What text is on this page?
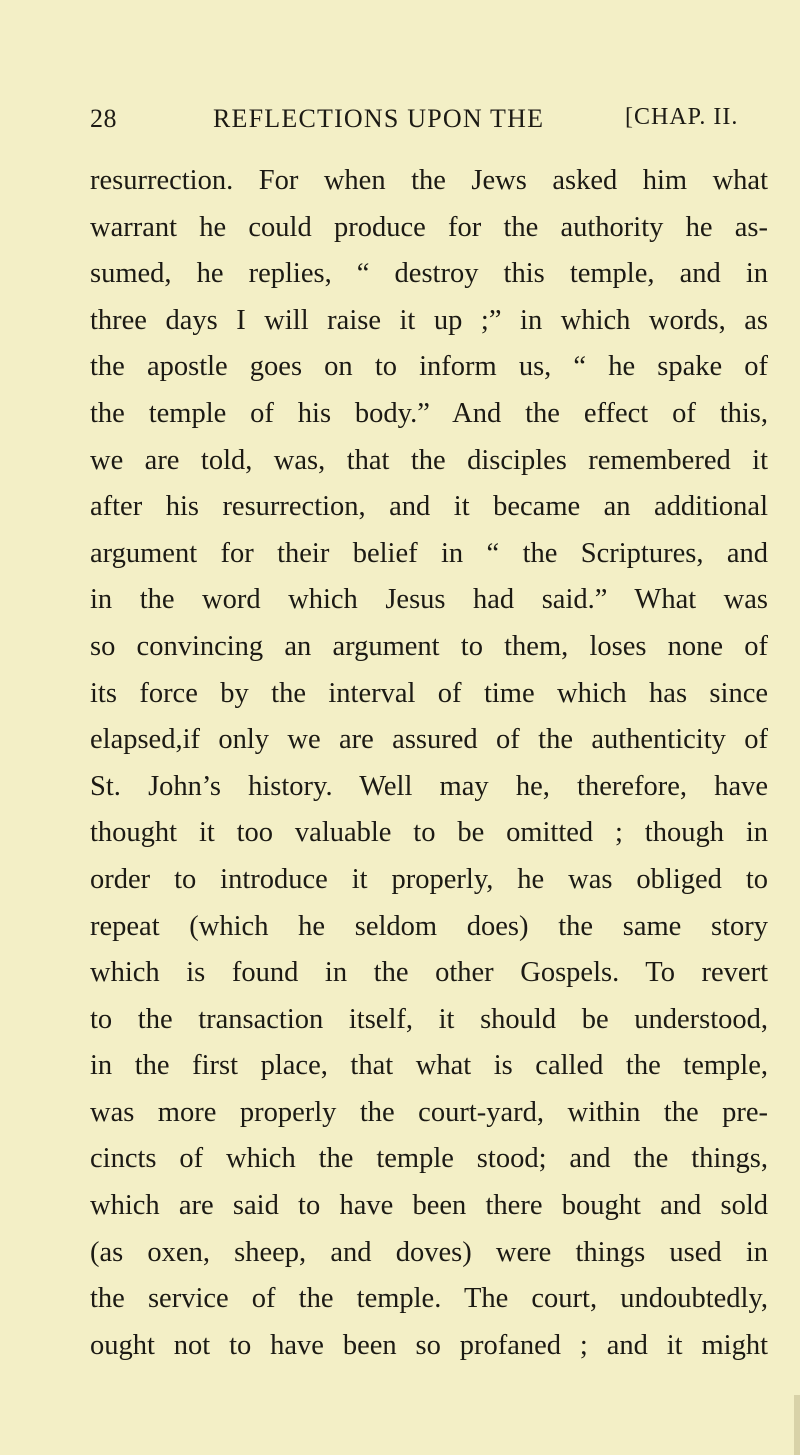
28	REFLECTIONS UPON THE	[CHAP. II.
resurrection. For when the Jews asked him what
warrant he could produce for the authority he as-
sumed, he replies, “ destroy this temple, and in
three days I will raise it up ;” in which words, as
the apostle goes on to inform us, “ he spake of
the temple of his body.” And the effect of this,
we are told, was, that the disciples remembered it
after his resurrection, and it became an additional
argument for their belief in “ the Scriptures, and
in the word which Jesus had said.” What was
so convincing an argument to them, loses none of
its force by the interval of time which has since
elapsed,if only we are assured of the authenticity of
St. John’s history. Well may he, therefore, have
thought it too valuable to be omitted ; though in
order to introduce it properly, he was obliged to
repeat (which he seldom does) the same story
which is found in the other Gospels. To revert
to the transaction itself, it should be understood,
in the first place, that what is called the temple,
was more properly the court-yard, within the pre-
cincts of which the temple stood; and the things,
which are said to have been there bought and sold
(as oxen, sheep, and doves) were things used in
the service of the temple. The court, undoubtedly,
ought not to have been so profaned ; and it might
